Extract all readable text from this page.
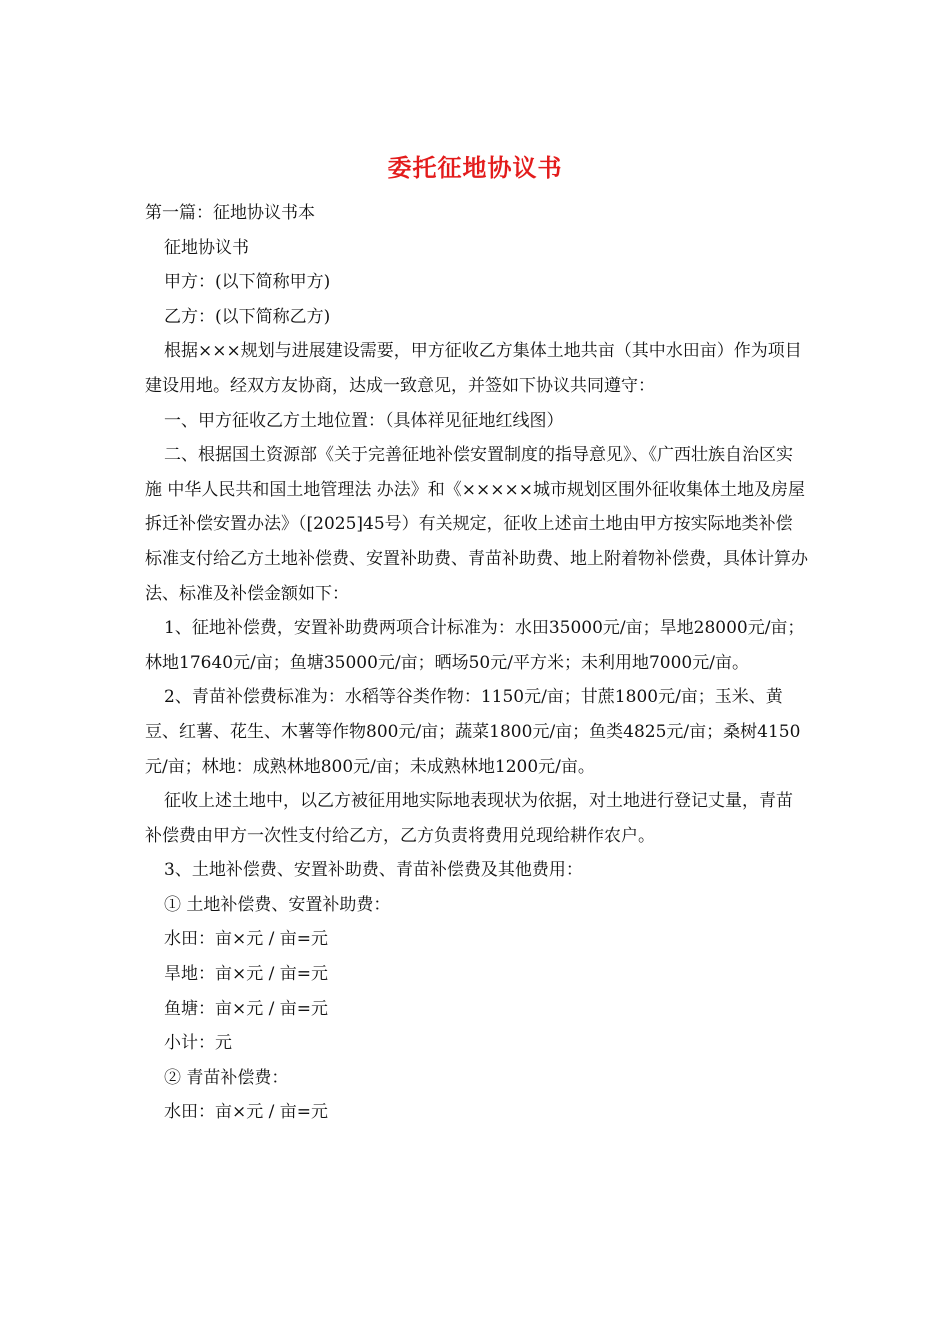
委托征地协议书

第一篇：征地协议书本

征地协议书

甲方：(以下简称甲方)

乙方：(以下简称乙方)

根据×××规划与进展建设需要，甲方征收乙方集体土地共亩（其中水田亩）作为项目建设用地。经双方友协商，达成一致意见，并签如下协议共同遵守：

一、甲方征收乙方土地位置：（具体祥见征地红线图）

二、根据国土资源部《关于完善征地补偿安置制度的指导意见》、《广西壮族自治区实施 中华人民共和国土地管理法 办法》和《×××××城市规划区围外征收集体土地及房屋拆迁补偿安置办法》（[2025]45号）有关规定，征收上述亩土地由甲方按实际地类补偿标准支付给乙方土地补偿费、安置补助费、青苗补助费、地上附着物补偿费，具体计算办法、标准及补偿金额如下：

1、征地补偿费，安置补助费两项合计标准为：水田35000元/亩；旱地28000元/亩；林地17640元/亩；鱼塘35000元/亩；晒场50元/平方米；未利用地7000元/亩。

2、青苗补偿费标准为：水稻等谷类作物：1150元/亩；甘蔗1800元/亩；玉米、黄豆、红薯、花生、木薯等作物800元/亩；蔬菜1800元/亩；鱼类4825元/亩；桑树4150元/亩；林地：成熟林地800元/亩；未成熟林地1200元/亩。

征收上述土地中，以乙方被征用地实际地表现状为依据，对土地进行登记丈量，青苗补偿费由甲方一次性支付给乙方，乙方负责将费用兑现给耕作农户。

3、土地补偿费、安置补助费、青苗补偿费及其他费用：

① 土地补偿费、安置补助费：

水田：亩×元 / 亩=元

旱地：亩×元 / 亩=元

鱼塘：亩×元 / 亩=元

小计：元

② 青苗补偿费：

水田：亩×元 / 亩=元
